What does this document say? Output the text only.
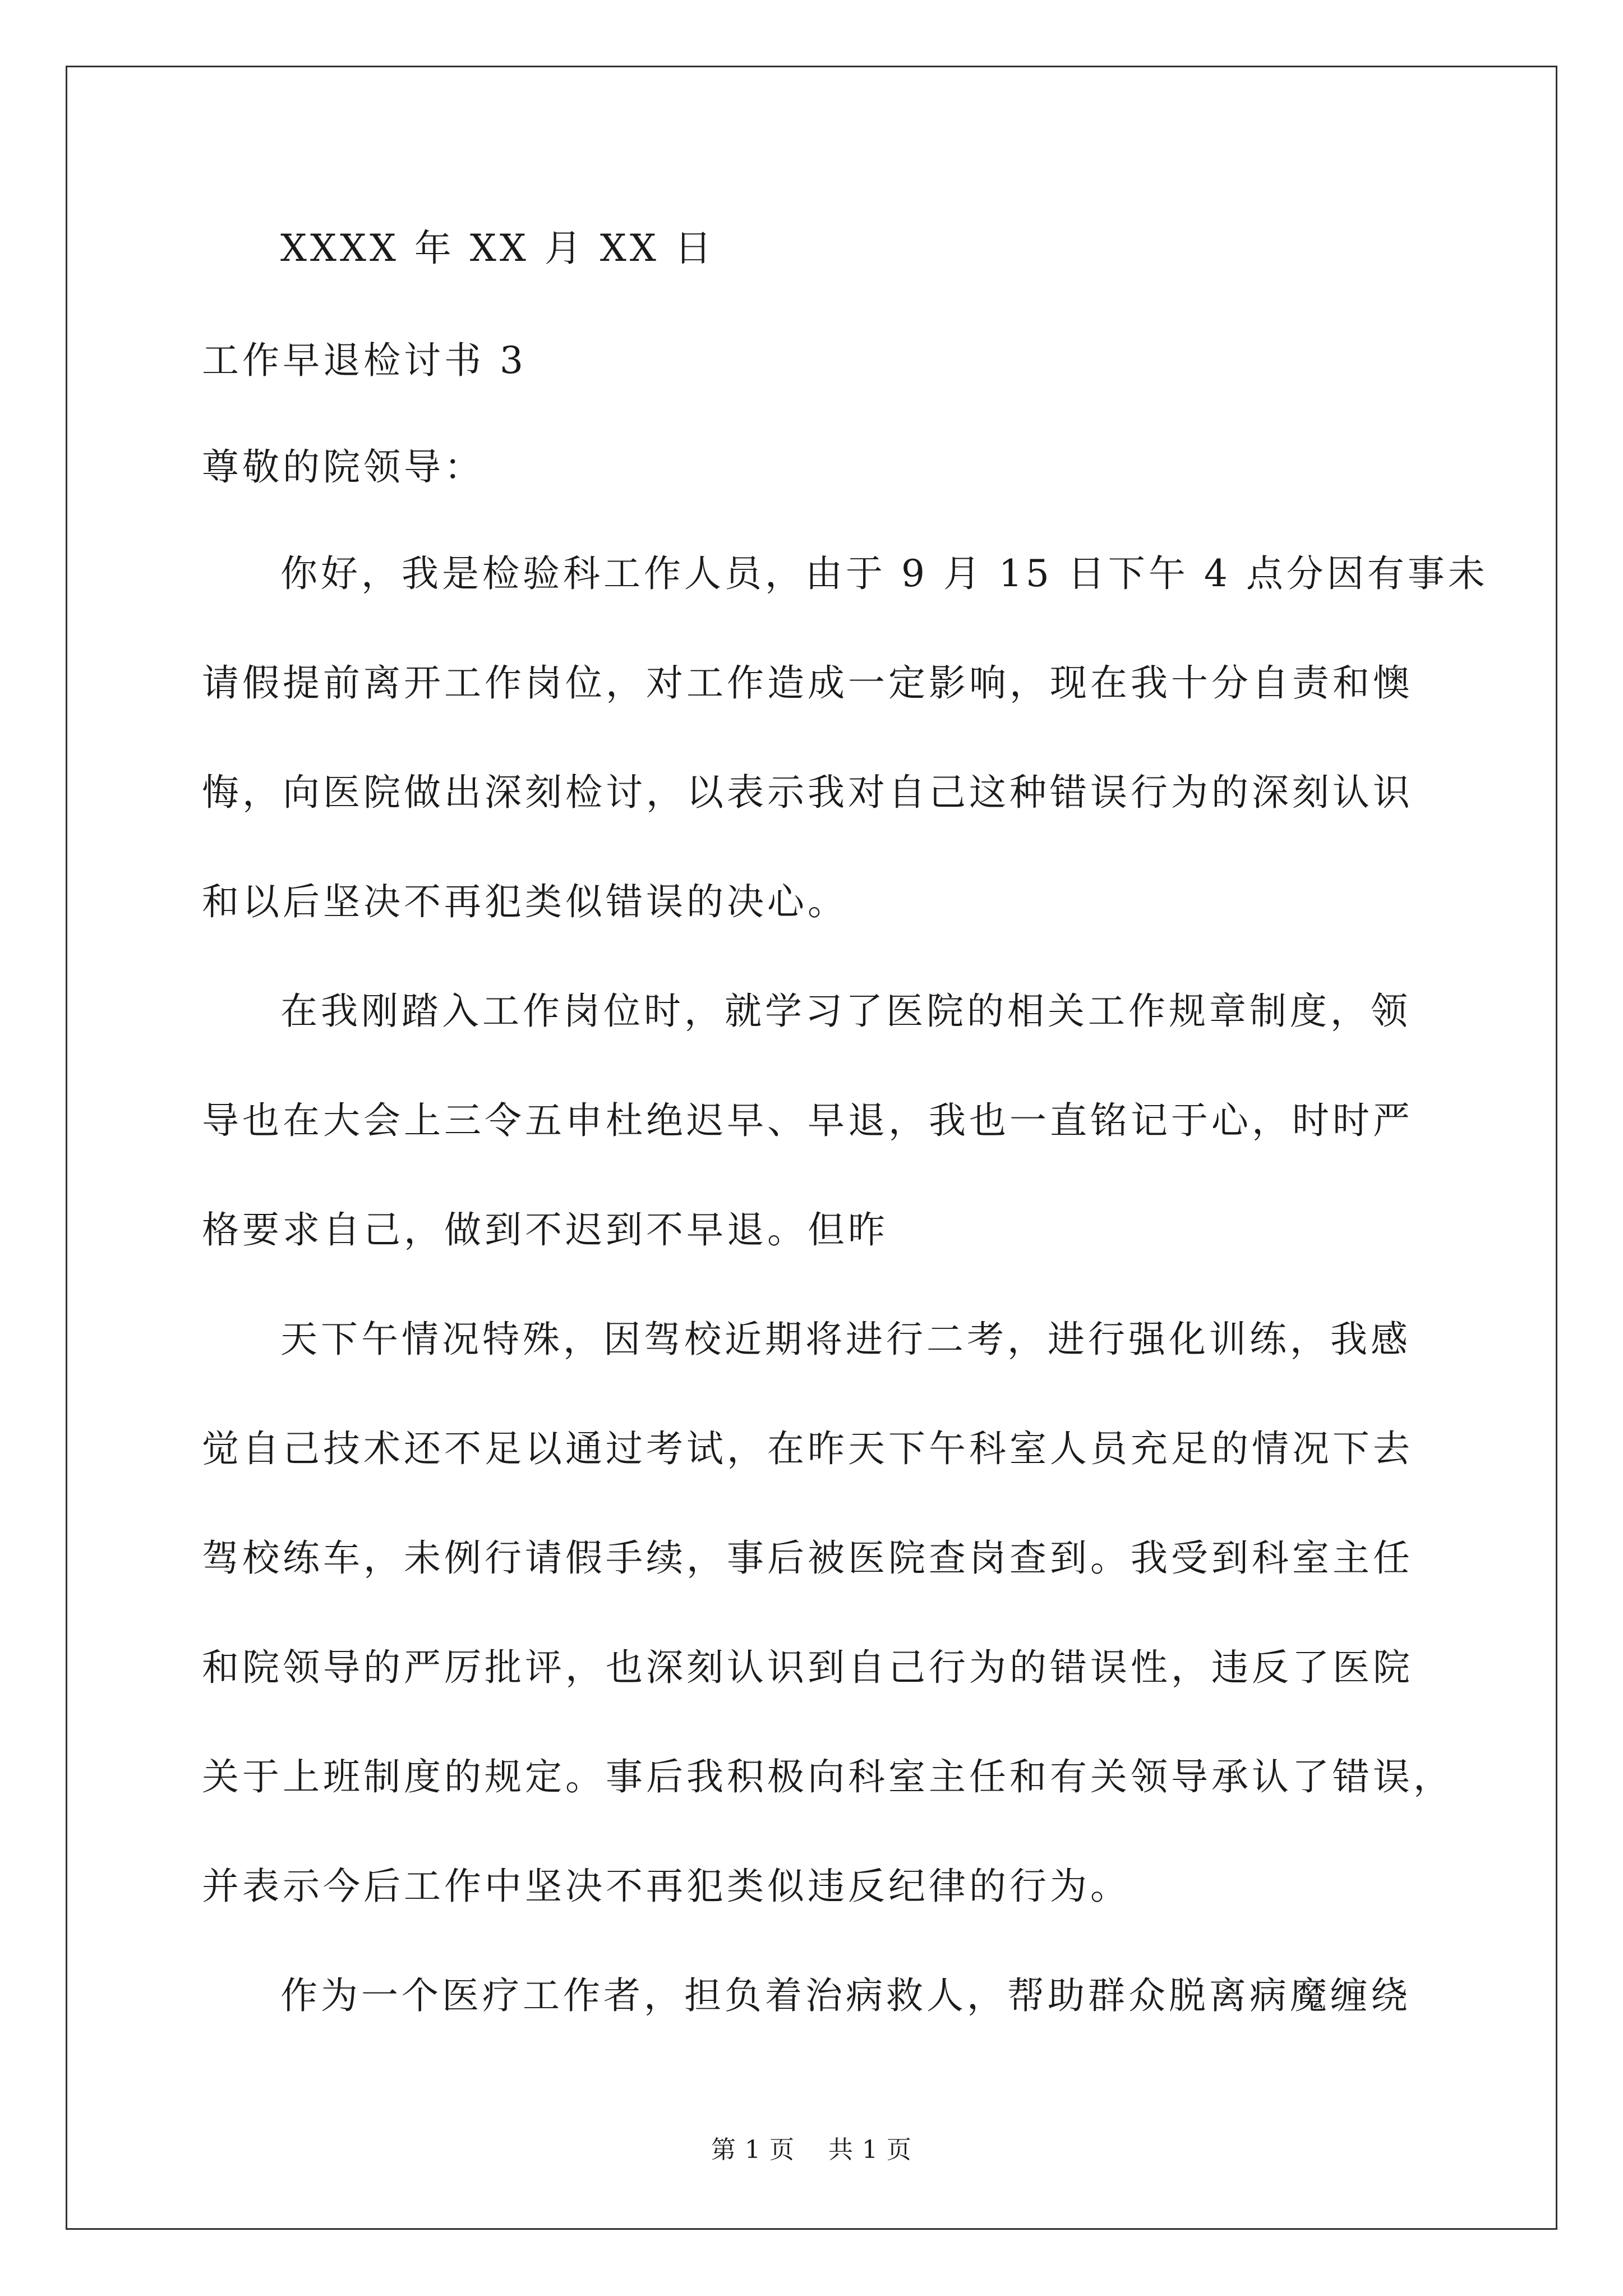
XXXX 年 XX 月 XX 日
工作早退检讨书 3
尊敬的院领导：
你好，我是检验科工作人员，由于 9 月 15 日下午 4 点分因有事未
请假提前离开工作岗位，对工作造成一定影响，现在我十分自责和懊
悔，向医院做出深刻检讨，以表示我对自己这种错误行为的深刻认识
和以后坚决不再犯类似错误的决心。
在我刚踏入工作岗位时，就学习了医院的相关工作规章制度，领
导也在大会上三令五申杜绝迟早、早退，我也一直铭记于心，时时严
格要求自己，做到不迟到不早退。但昨
天下午情况特殊，因驾校近期将进行二考，进行强化训练，我感
觉自己技术还不足以通过考试，在昨天下午科室人员充足的情况下去
驾校练车，未例行请假手续，事后被医院查岗查到。我受到科室主任
和院领导的严厉批评，也深刻认识到自己行为的错误性，违反了医院
关于上班制度的规定。事后我积极向科室主任和有关领导承认了错误，
并表示今后工作中坚决不再犯类似违反纪律的行为。
作为一个医疗工作者，担负着治病救人，帮助群众脱离病魔缠绕
第 1 页 共 1 页
